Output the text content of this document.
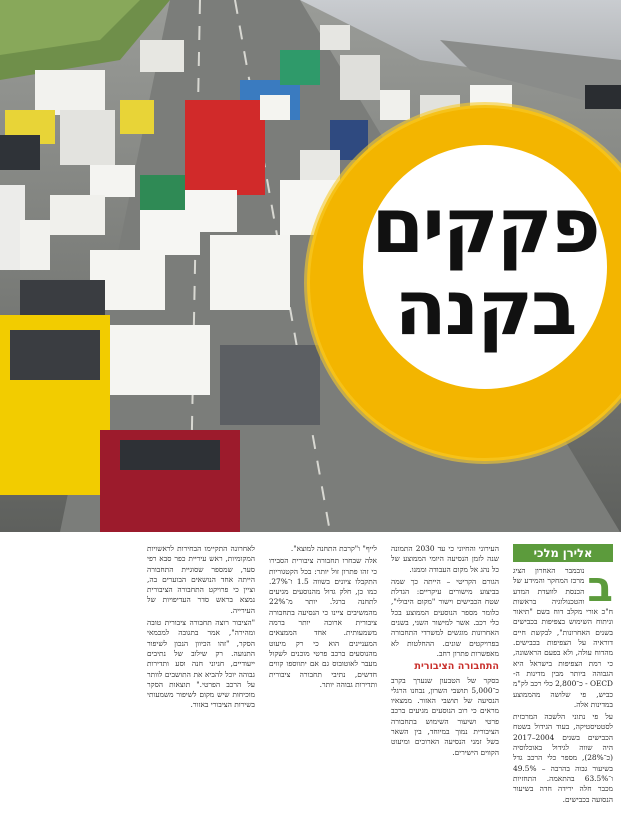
פקקים
בקנה
אלירן מלכי
ב

נובמבר האחרון הציג מרכז המחקר והמידע של הכנסת לוועדת המדע והטכנולוגיה בראשות ח"כ אורי מקלב דוח בשם "תיאור וניתוח השימוש בצפיפות בכבישים בשנים האחרונות", לבקשת חיים דוראיה על הצפיפות בכבישים. מהדוח עולה, ולא בפעם הראשונה, כי רמת הצפיפות בישראל היא הגבוהה ביותר מבין מדינות ה-OECD - כ־2,800 כלי רכב לק"מ כביש, פי שלושה מהממוצע במדינות אלה.

על פי נתוני הלשכה המרכזית לסטטיסטיקה, בעוד הגידול בשטח הכבישים בשנים 2004–2017 היה שווה לגידול באוכלוסיה (כ־28%), מספר כלי הרכב גדל בשיעור גבוה בהרבה – 49.5% ו־63.5% בהתאמה. התחזיות מכבר חלה ירידה חדה בשיעור הנסועה בכבישים.

העירוני והחיוני כי עד 2030 התמונה שנה לזמן הנסיעה היומי הממוצע של כל נהג אל מקום העבודה וממנו.

הגורם הקריטי – הייתה כך שמה בביצוע מישורים עיקריים: הגדלת שטח הכבישים וישור "מקום היבולי", כלומר מספר הנוסעים הממוצע בכל כלי רכב. אשר למישור השני, בשנים האחרונות מוגשים למשרדי התחבורה בפרויקטים שונים. ההחלטות לא מאפשרות פתרון רחב.

התחבורה הציבורית

בסקר של הטבעון שנערך בקרב כ־5,000 תושבי השרון, נבחנו הרגלי הנסיעה של תושבי האזור. ממצאיו מראים כי רוב הנוסעים מגיעים ברכב פרטי ושיעור השימוש בתחבורה הציבורית נמוך במיוחד, בין השאר בשל זמני הנסיעה הארוכים ומיעוט הקווים הישירים.

לייף" ו"קרבת התחנה למוצא".

אלה שבחרו תחבורה ציבורית הסבירו כי זהו פתרון זול יותר: בכל הקטגוריות התקבלו ציונים בשווה 1.5 ו־27%. כמו כן, חלק גדול מהנוסעים מגיעים לתחנה ברגל. יותר מ־22% מהמשיבים ציינו כי הנסיעה בתחבורה ציבורית ארוכה יותר ברמה משמעותית. אחד הממצאים המעניינים הוא כי רק מיעוט מהנוסעים ברכב פרטי מוכנים לשקול מעבר לאוטובוס גם אם יתווספו קווים חדשים, נתיבי תחבורה ציבורית ותדירות גבוהה יותר.

לאחרונה התקיימו הבחירות לראשויות המקומיות, ראש עיריית כפר סבא רפי סער, שמספר שסוגיית התחבורה הייתה אחד הנושאים הבוערים בה, וציין כי פרויקט התחבורה הציבורית נמצא בראש סדר העדיפויות של העירייה.

"הציבור רוצה תחבורה ציבורית טובה ומהירה", אמר בתגובה למכמאי הסקר, "זהו הכיוון הנכון לשיפור התנועה. רק שילוב של נתיבים ייעודיים, חניוני חנה וסע ותדירות גבוהה יוכל להביא את התושבים לוותר על הרכב הפרטי." תוצאות הסקר מוכיחות שיש מקום לשיפור משמעותי בשירות הציבורי באזור.
